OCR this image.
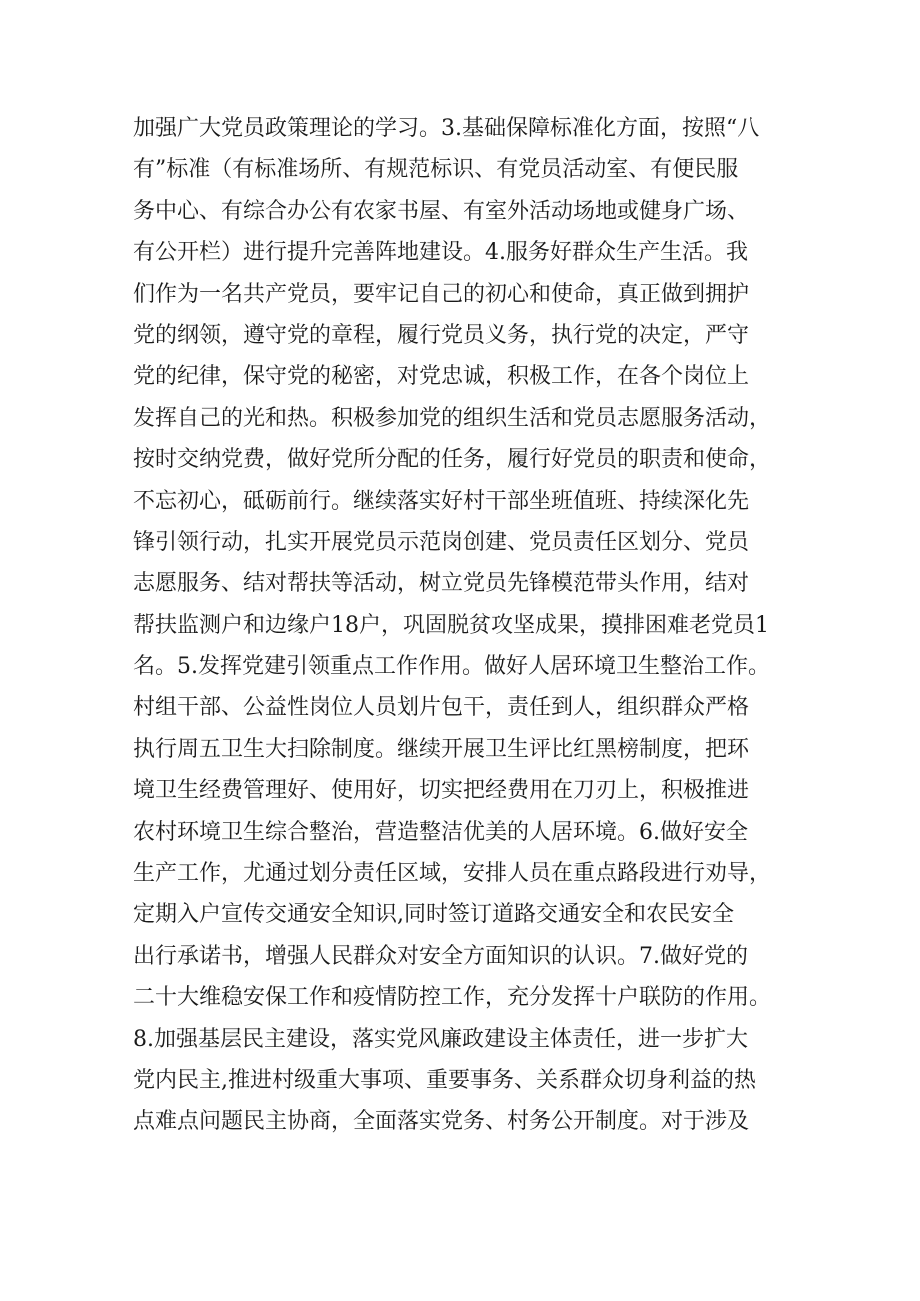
加强广大党员政策理论的学习。3.基础保障标准化方面，按照“八
有”标准（有标准场所、有规范标识、有党员活动室、有便民服
务中心、有综合办公有农家书屋、有室外活动场地或健身广场、
有公开栏）进行提升完善阵地建设。4.服务好群众生产生活。我
们作为一名共产党员，要牢记自己的初心和使命，真正做到拥护
党的纲领，遵守党的章程，履行党员义务，执行党的决定，严守
党的纪律，保守党的秘密，对党忠诚，积极工作，在各个岗位上
发挥自己的光和热。积极参加党的组织生活和党员志愿服务活动，
按时交纳党费，做好党所分配的任务，履行好党员的职责和使命，
不忘初心，砥砺前行。继续落实好村干部坐班值班、持续深化先
锋引领行动，扎实开展党员示范岗创建、党员责任区划分、党员
志愿服务、结对帮扶等活动，树立党员先锋模范带头作用，结对
帮扶监测户和边缘户18户，巩固脱贫攻坚成果，摸排困难老党员1
名。5.发挥党建引领重点工作作用。做好人居环境卫生整治工作。
村组干部、公益性岗位人员划片包干，责任到人，组织群众严格
执行周五卫生大扫除制度。继续开展卫生评比红黑榜制度，把环
境卫生经费管理好、使用好，切实把经费用在刀刃上，积极推进
农村环境卫生综合整治，营造整洁优美的人居环境。6.做好安全
生产工作，尤通过划分责任区域，安排人员在重点路段进行劝导，
定期入户宣传交通安全知识,同时签订道路交通安全和农民安全
出行承诺书，增强人民群众对安全方面知识的认识。7.做好党的
二十大维稳安保工作和疫情防控工作，充分发挥十户联防的作用。
8.加强基层民主建设，落实党风廉政建设主体责任，进一步扩大
党内民主,推进村级重大事项、重要事务、关系群众切身利益的热
点难点问题民主协商，全面落实党务、村务公开制度。对于涉及
